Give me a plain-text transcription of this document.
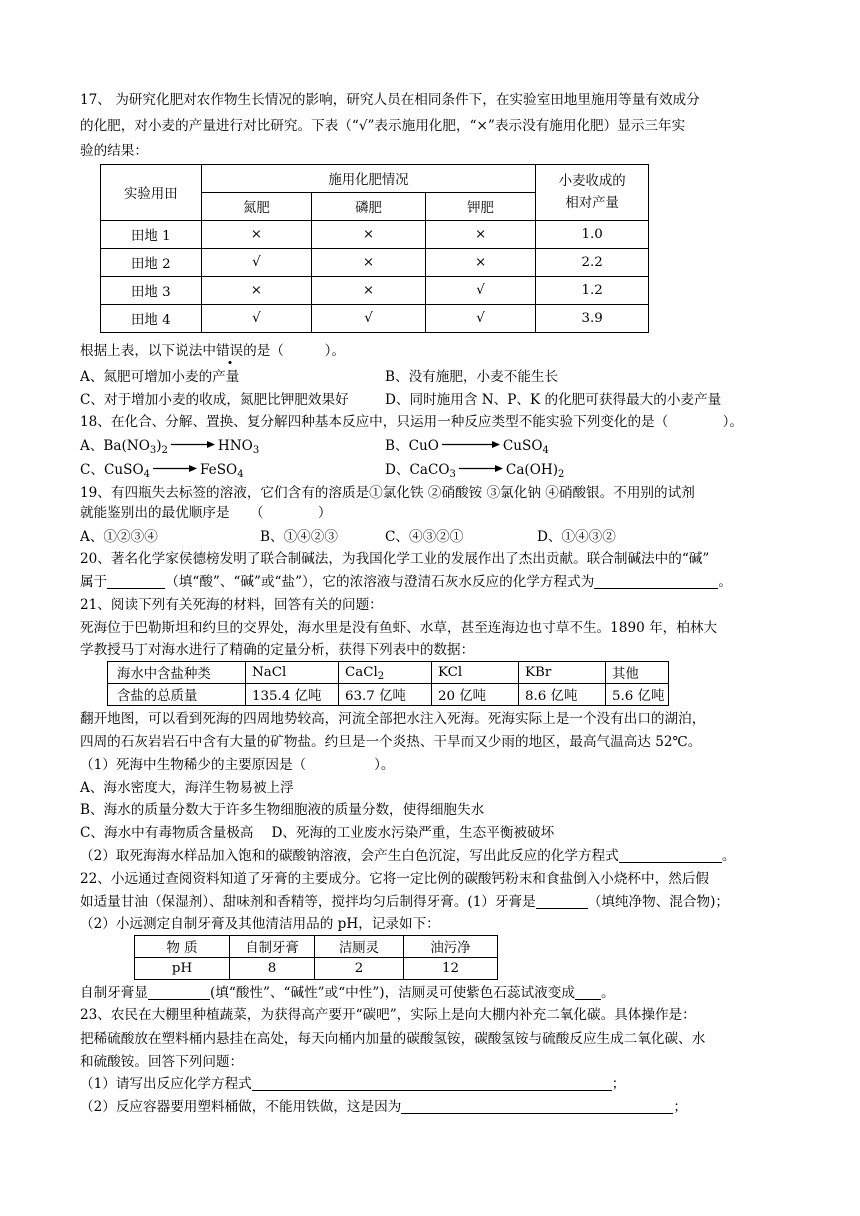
17、 为研究化肥对农作物生长情况的影响，研究人员在相同条件下，在实验室田地里施用等量有效成分
的化肥，对小麦的产量进行对比研究。下表（“√”表示施用化肥，“×”表示没有施用化肥）显示三年实
验的结果：
实验用田	施用化肥情况			小麦收成的
相对产量
	氮肥	磷肥	钾肥	
田地 1	×	×	×	1.0
田地 2	√	×	×	2.2
田地 3	×	×	√	1.2
田地 4	√	√	√	3.9
根据上表，以下说法中错误的是（　　　）。
A、氮肥可增加小麦的产量	B、没有施肥，小麦不能生长
C、对于增加小麦的收成，氮肥比钾肥效果好	D、同时施用含 N、P、K 的化肥可获得最大的小麦产量
18、在化合、分解、置换、复分解四种基本反应中，只运用一种反应类型不能实验下列变化的是（　　　　）。
A、$Ba(NO_3)_2 \to HNO_3$	B、CuO	CuSO$_4$
C、CuSO$_4$ → FeSO$_4$	D、CaCO$_3$ → $Ca(OH)_2$
19、有四瓶失去标签的溶液，它们含有的溶质是①氯化铁 ②硝酸铵 ③氯化钠 ④硝酸银。不用别的试剂
就能鉴别出的最优顺序是　　（　　　　）
A、①②③④	B、①④②③	C、④③②①	D、①④③②
20、著名化学家侯德榜发明了联合制碱法，为我国化学工业的发展作出了杰出贡献。联合制碱法中的“碱”
属于	（填“酸”、“碱”或“盐”），它的浓溶液与澄清石灰水反应的化学方程式为	。
21、阅读下列有关死海的材料，回答有关的问题：
死海位于巴勒斯坦和约旦的交界处，海水里是没有鱼虾、水草，甚至连海边也寸草不生。1890 年，柏林大
学教授马丁对海水进行了精确的定量分析，获得下列表中的数据：
海水中含盐种类	NaCl	CaCl$_2$	KCl	KBr	其他
含盐的总质量	135.4 亿吨	63.7 亿吨	20 亿吨	8.6 亿吨	5.6 亿吨
翻开地图，可以看到死海的四周地势较高，河流全部把水注入死海。死海实际上是一个没有出口的湖泊，
四周的石灰岩岩石中含有大量的矿物盐。约旦是一个炎热、干旱而又少雨的地区，最高气温高达 52℃。
（1）死海中生物稀少的主要原因是（　　　　　）。
A、海水密度大，海洋生物易被上浮
B、海水的质量分数大于许多生物细胞液的质量分数，使得细胞失水
C、海水中有毒物质含量极高　 D、死海的工业废水污染严重，生态平衡被破坏
（2）取死海海水样品加入饱和的碳酸钠溶液，会产生白色沉淀，写出此反应的化学方程式	。
22、小远通过查阅资料知道了牙膏的主要成分。它将一定比例的碳酸钙粉末和食盐倒入小烧杯中，然后假
如适量甘油（保湿剂）、甜味剂和香精等，搅拌均匀后制得牙膏。(1）牙膏是	（填纯净物、混合物)；
（2）小远测定自制牙膏及其他清洁用品的 pH，记录如下：
物 质	自制牙膏	洁厕灵	油污净
pH	8	2	12
自制牙膏显	(填“酸性”、“碱性”或“中性”)，洁厕灵可使紫色石蕊试液变成 。
23、农民在大棚里种植蔬菜，为获得高产要开“碳吧”，实际上是向大棚内补充二氧化碳。具体操作是：
把稀硫酸放在塑料桶内悬挂在高处，每天向桶内加量的碳酸氢铵，碳酸氢铵与硫酸反应生成二氧化碳、水
和硫酸铵。回答下列问题：
（1）请写出反应化学方程式	；
（2）反应容器要用塑料桶做，不能用铁做，这是因为	；
